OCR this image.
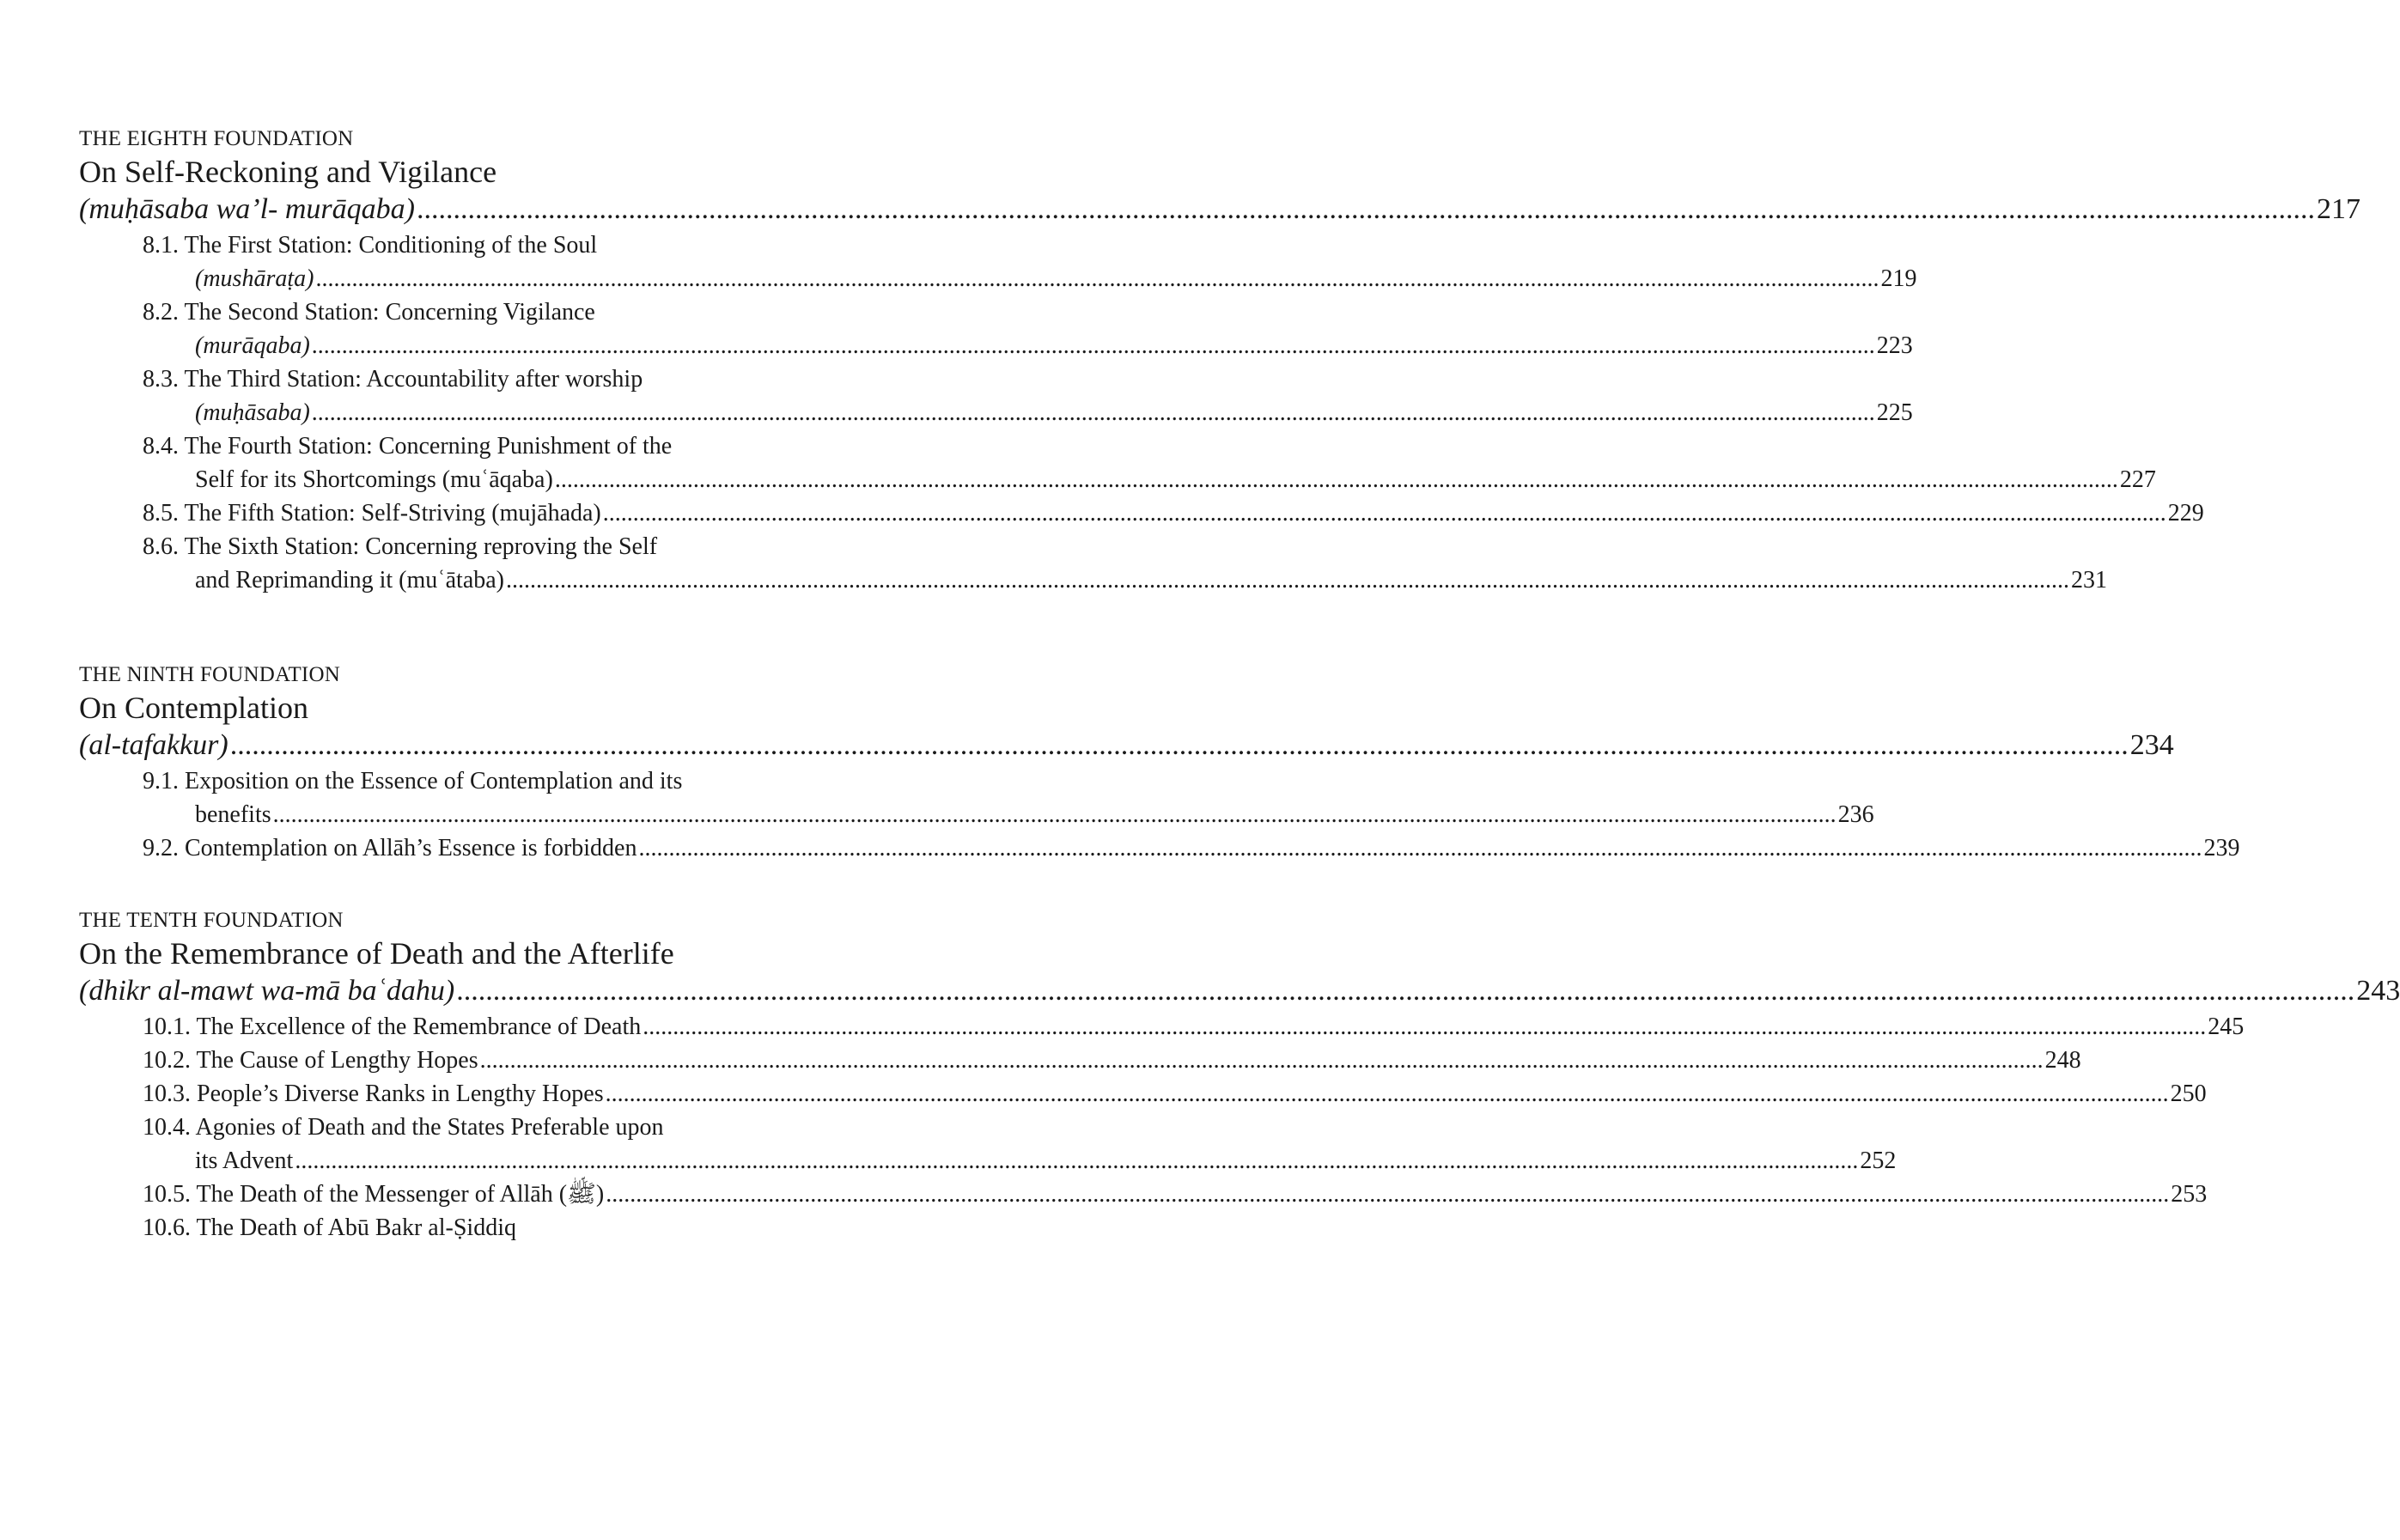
THE EIGHTH FOUNDATION
On Self-Reckoning and Vigilance
(muḥāsaba wa’l- murāqaba) .................................................................................................................................................................................................................................................................... 217
8.1. The First Station: Conditioning of the Soul
(mushāraṭa) .................................................................................................................................................................................................................................................................... 219
8.2. The Second Station: Concerning Vigilance
(murāqaba) .................................................................................................................................................................................................................................................................... 223
8.3. The Third Station: Accountability after worship
(muḥāsaba) .................................................................................................................................................................................................................................................................... 225
8.4. The Fourth Station: Concerning Punishment of the
Self for its Shortcomings (muʿāqaba) .................................................................................................................................................................................................................................................................... 227
8.5. The Fifth Station: Self-Striving (mujāhada) .................................................................................................................................................................................................................................................................... 229
8.6. The Sixth Station: Concerning reproving the Self
and Reprimanding it (muʿātaba) .................................................................................................................................................................................................................................................................... 231
THE NINTH FOUNDATION
On Contemplation
(al-tafakkur) .................................................................................................................................................................................................................................................................... 234
9.1. Exposition on the Essence of Contemplation and its
benefits .................................................................................................................................................................................................................................................................... 236
9.2. Contemplation on Allāh’s Essence is forbidden .................................................................................................................................................................................................................................................................... 239
THE TENTH FOUNDATION
On the Remembrance of Death and the Afterlife
(dhikr al-mawt wa-mā baʿdahu) .................................................................................................................................................................................................................................................................... 243
10.1. The Excellence of the Remembrance of Death .................................................................................................................................................................................................................................................................... 245
10.2. The Cause of Lengthy Hopes .................................................................................................................................................................................................................................................................... 248
10.3. People’s Diverse Ranks in Lengthy Hopes .................................................................................................................................................................................................................................................................... 250
10.4. Agonies of Death and the States Preferable upon
its Advent .................................................................................................................................................................................................................................................................... 252
10.5. The Death of the Messenger of Allāh (ﷺ) .................................................................................................................................................................................................................................................................... 253
10.6. The Death of Abū Bakr al-Ṣiddiq
